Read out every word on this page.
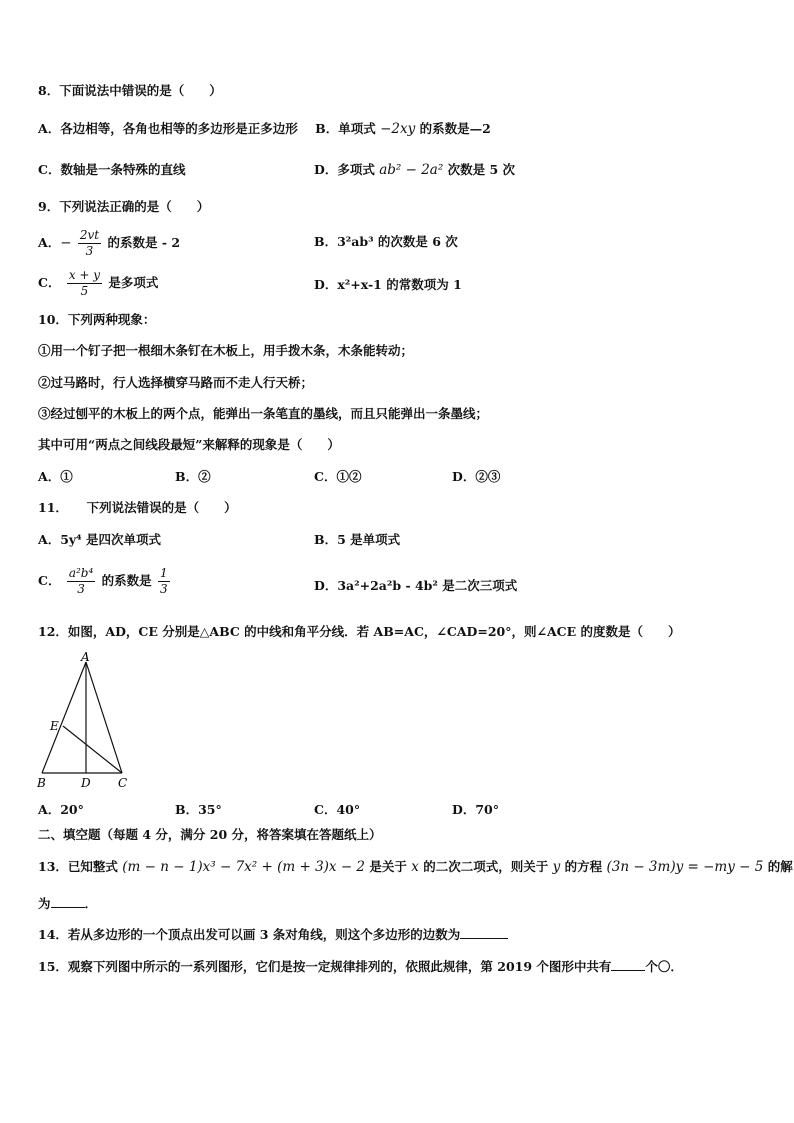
8．下面说法中错误的是（　　）
A．各边相等，各角也相等的多边形是正多边形 B．单项式 −2xy 的系数是—2
C．数轴是一条特殊的直线	D．多项式 ab² − 2a² 次数是 5 次
9．下列说法正确的是（　　）
A．− $\frac{2vt}{3}$ 的系数是 - 2	B．3²ab³ 的次数是 6 次
C． $\frac{x + y}{5}$ 是多项式	D．x²+x-1 的常数项为 1
10．下列两种现象：
①用一个钉子把一根细木条钉在木板上，用手拨木条，木条能转动；
②过马路时，行人选择横穿马路而不走人行天桥；
③经过刨平的木板上的两个点，能弹出一条笔直的墨线，而且只能弹出一条墨线；
其中可用“两点之间线段最短”来解释的现象是（　　）
A．①	B．②	C．①②	D．②③
11．　　下列说法错误的是（　　）
A．5y⁴ 是四次单项式	B．5 是单项式
C． $\frac{\text{a²b⁴}}{3}$ 的系数是 $\frac{1}{3}$	D．3a²+2a²b - 4b² 是二次三项式
12．如图，AD，CE 分别是△ABC 的中线和角平分线．若 AB=AC，∠CAD=20°，则∠ACE 的度数是（　　）
A
E
B	D C
A．20°	B．35°	C．40°	D．70°
二、填空题（每题 4 分，满分 20 分，将答案填在答题纸上）
13．已知整式 (m − n − 1)x³ − 7x² + (m + 3)x − 2 是关于 x 的二次二项式，则关于 y 的方程 (3n − 3m)y = −my − 5 的解
为	．
14．若从多边形的一个顶点出发可以画 3 条对角线，则这个多边形的边数为
15．观察下列图中所示的一系列图形，它们是按一定规律排列的，依照此规律，第 2019 个图形中共有	个〇．
